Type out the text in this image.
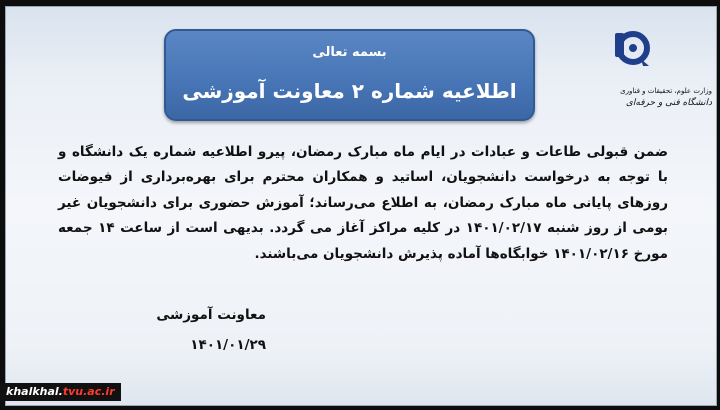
بسمه تعالی
اطلاعیه شماره ۲ معاونت آموزشی	وزارت علوم، تحقیقات و فناوری
دانشگاه فنی و حرفه‌ای
ضمن قبولی طاعات و عبادات در ایام ماه مبارک رمضان، پیرو اطلاعیه شماره یک دانشگاه و با توجه به درخواست دانشجویان، اساتید و همکاران محترم برای بهره‌برداری از فیوضات روزهای پایانی ماه مبارک رمضان، به اطلاع می‌رساند؛ آموزش حضوری برای دانشجویان غیر بومی از روز شنبه ۱۴۰۱/۰۲/۱۷ در کلیه مراکز آغاز می گردد. بدیهی است از ساعت ۱۴ جمعه مورخ ۱۴۰۱/۰۲/۱۶ خوابگاه‌ها آماده پذیرش دانشجویان می‌باشند.
معاونت آموزشی
۱۴۰۱/۰۱/۲۹
khalkhal.tvu.ac.ir
